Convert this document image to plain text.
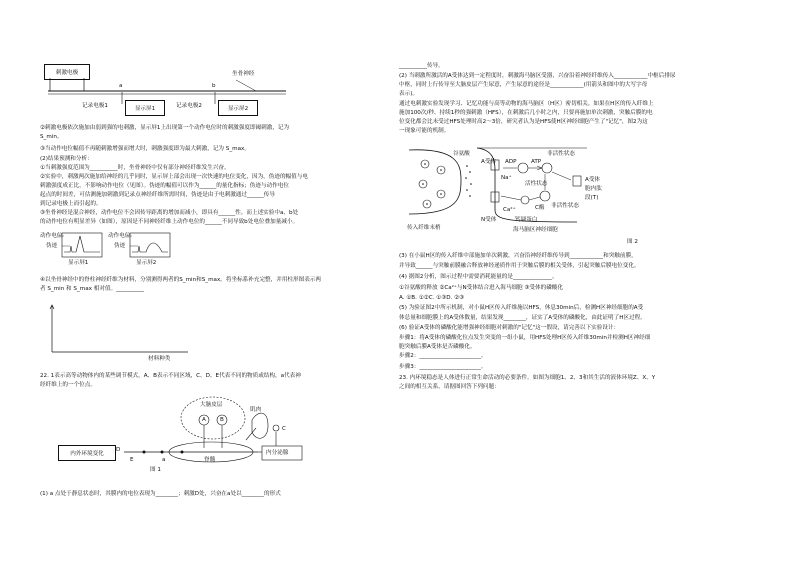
刺激电极	坐骨神经
a	b
记录电极1	显示屏1	记录电极2	显示屏2
②刺激电极依次施加由弱到强的电刺激，显示屏1上出现第一个动作电位时的刺激强度即阈刺激，记为
S_min。
③当动作电位幅值不再随刺激增强而增大时，刺激强度即为最大刺激，记为 S_max。
(2)结果预测和分析：
①当刺激强度范围为__________时，坐骨神经中仅有部分神经纤维发生兴奋。
②实验中，刺激两次施加给神经的几乎同时，显示屏上部会出现一次快速的电位变化，因为，伪迹的幅值与电
刺激强度成正比，不影响动作电位（见图）。伪迹的幅值可以作为______的量化指标；伪迹与动作电位
起点的时间差，可估测施加刺激到记录点神经纤维所需时间，伪迹是由于电刺激通过______传导
到记录电极上而引起的。
③坐骨神经是混合神经，动作电位不会因传导距离的增加而减小，即具有______性。而上述实验中a、b处
的动作电位有明显差异（如图），原因是不同神经纤维上动作电位的______不同导致b处电位叠加量减小。
动作电位
伪迹
动作电位
伪迹
显示屏1	显示屏2
④以坐骨神经中的脊柱神经纤维为材料，分别测得两者的S_min和S_max。将坐标系补充完整，并用柱形图表示两
者 S_min 和 S_max 相对值。__________
材料种类
22. 1表示高等动物体内的某些调节模式，A、B表示不同区域，C、D、E代表不同的物质或结构，a代表神
经纤维上的一个位点。
大脑皮层
A	B
肌肉
内外环境变化
D
E	a	脊髓
C
内分泌腺
图 1
(1) a 点处于静息状态时，其膜内的电位表现为________；刺激D处，兴奋在a处以________的形式
__________传导。
(2) 当刺激所激活的A受体达到一定程度时，刺激海马脑区受器，兴奋沿着神经纤维传入____________中枢后排尿
中枢，同时上行传导至大脑皮层产生尿意，产生尿意的途径是____________(用箭头和图中的大写字母
表示)。
通过电刺激实验发现学习、记忆功能与高等动物的海马脑区（H区）密切相关。如果在H区的传入纤维上
施加100次/秒、持续1秒的强刺激（HFS），在刺激后几小时之内，只要再施加单次刺激，突触后膜的电
位变化都会比未受过HFS处理时高2～3倍，研究者认为是HFS使H区神经细胞产生了"记忆"，图2为这
一现象可能的机制。
谷氨酸
A受体 ADP	ATP
非活性状态
活性状态
Na⁺
Ca²⁺
N受体	钙调蛋白
C酶 非活性状态
A受体
胞内肽
段(T)
传入纤维末梢	海马脑区神经细胞
图 2
(3) 在小鼠H区的传入纤维中部施加单次刺激，兴奋沿神经纤维传导到____________和突触前膜，
并导致______与突触前膜融合释放神经递质作用于突触后膜的相关受体，引起突触后膜电位变化。
(4) 据图2分析，图示过程中需要消耗能量的是______________。
①谷氨酸的释放 ②Ca²⁺与N受体结合进入海马细胞 ③受体的磷酸化
A. ①B. ①②C. ①③D. ②③
(5) 为验证图2中所示机制，对小鼠H区传入纤维施以HFS，休息30min后，检测H区神经细胞的A受
体总量和细胞膜上的A受体数量，结果发现________，证实了A受体的磷酸化，由此证明了H区过程。
(6) 验证A受体的磷酸化能增强神经细胞对刺激的"记忆"这一假设，请完善以下实验设计：
步骤1：将A受体的磷酸化位点发生突变的一组小鼠，用HFS处理H区传入纤维30min并检测H区神经细
胞突触后膜A受体是否磷酸化。
步骤2：______________________。
步骤3：______________________。
23. 内环境稳态是人体进行正常生命活动的必要条件。如图为细胞1、2、3和其生活的液体环境Z、X、Y
之间的相互关系，请据图回答下列问题：
